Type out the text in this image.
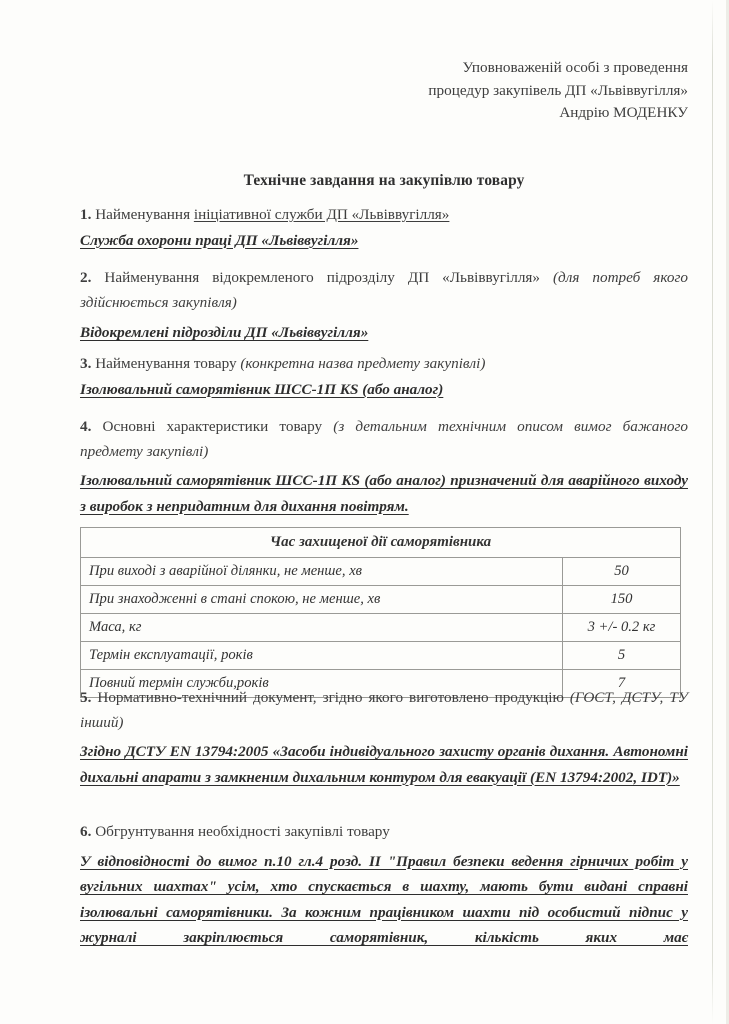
Уповноваженій особі з проведення
процедур закупівель ДП «Львіввугілля»
Андрію МОДЕНКУ
Технічне завдання на закупівлю товару
1. Найменування ініціативної служби ДП «Львіввугілля»
Служба охорони праці ДП «Львіввугілля»
2. Найменування відокремленого підрозділу ДП «Львіввугілля» (для потреб якого здійснюється закупівля)
Відокремлені підрозділи ДП «Львіввугілля»
3. Найменування товару (конкретна назва предмету закупівлі)
Ізолювальний саморятівник ШСС-1П KS (або аналог)
4. Основні характеристики товару (з детальним технічним описом вимог бажаного предмету закупівлі)
Ізолювальний саморятівник ШСС-1П KS (або аналог) призначений для аварійного виходу з виробок з непридатним для дихання повітрям.
Час захищеної дії саморятівника	
При виході з аварійної ділянки, не менше, хв	50
При знаходженні в стані спокою, не менше, хв	150
Маса, кг	3 +/- 0.2 кг
Термін експлуатації, років	5
Повний термін служби,років	7
5. Нормативно-технічний документ, згідно якого виготовлено продукцію (ГОСТ, ДСТУ, ТУ інший)
Згідно ДСТУ EN 13794:2005 «Засоби індивідуального захисту органів дихання. Автономні дихальні апарати з замкненим дихальним контуром для евакуації (EN 13794:2002, IDT)»
6. Обгрунтування необхідності закупівлі товару
У відповідності до вимог п.10 гл.4 розд. ІІ "Правил безпеки ведення гірничих робіт у вугільних шахтах" усім, хто спускається в шахту, мають бути видані справні ізолювальні саморятівники. За кожним працівником шахти під особистий підпис у журналі закріплюється саморятівник, кількість яких має
